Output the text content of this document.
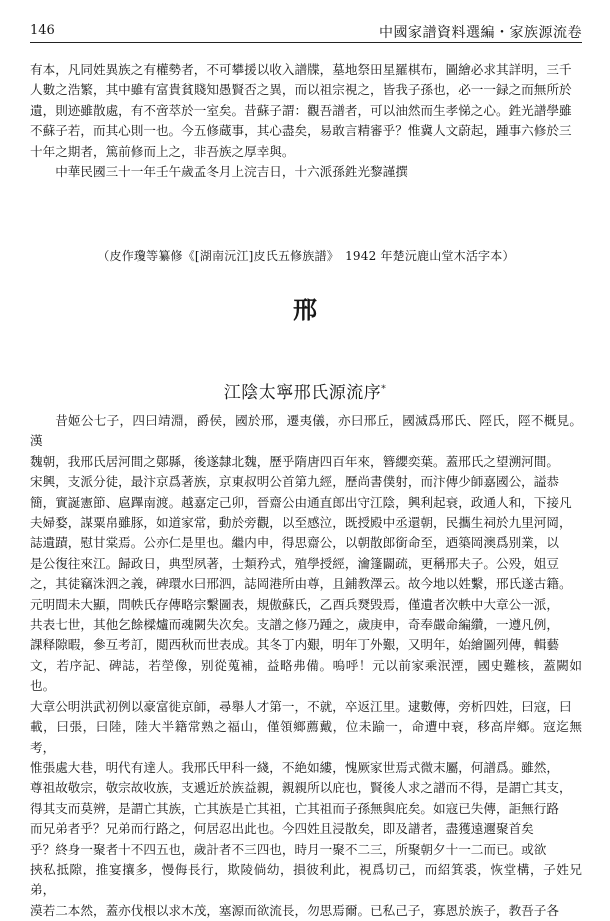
146	中國家譜資料選編・家族源流卷

有本，凡同姓異族之有權勢者，不可攀援以收入譜牒，墓地祭田星羅棋布，圖繪必求其詳明，三千
人數之浩繁，其中雖有富貴貧賤知愚賢否之異，而以祖宗視之，皆我子孫也，必一一録之而無所於
遺，則迹雖散處，有不啻萃於一室矣。昔蘇子謂：觀吾譜者，可以油然而生孝悌之心。鉎光譜學雖
不蘇子若，而其心則一也。今五修蔵事，其心盡矣，易敢言精審乎？惟冀人文蔚起，踵事六修於三
十年之期者，篤前修而上之，非吾族之厚幸與。

中華民國三十一年壬午歲孟冬月上浣吉日，十六派孫鉎光黎謹撰

（皮作瓊等纂修《[湖南沅江]皮氏五修族譜》　1942 年楚沅鹿山堂木活字本）
邢
江陰太寧邢氏源流序*

昔姬公七子，四曰靖淵，爵侯，國於邢，遷夷儀，亦曰邢丘，國滅爲邢氏、陘氏，陘不概見。漢
魏朝，我邢氏居河間之鄚縣，後遂隸北魏，歷乎隋唐四百年來，簪纓奕葉。蓋邢氏之望溯河間。
宋興，支派分徒，最汴京爲著族，京東叔明公首第九經，歷尚書僕射，而汴傳少師嘉國公，謚恭
簡，實誕憲節、扈蹕南渡。越嘉定己卯，晉齋公由通直郎出守江陰，興利起衰，政通人和，下接凡
夫婦婺，謀粟帛雖豚，如道家常，動於旁觀，以至感泣，既授殿中丞還朝，民攜生祠於九里河岡，
誌遺蹟，慰甘棠焉。公亦仁是里也。繼内申，得思齋公，以朝散郎銜命至，迺築岡澳爲别業，以
是公復往來江。歸政日，典型夙著，士類矜式，殖學授經，瀹篷闢疏，更稱邢夫子。公殁，姐豆
之，其徒竊洙泗之義，碑環水曰邢泗，誌岡港所由尊，且鋪教澤云。故今地以姓繫，邢氏遂古籍。
元明間未大顯，問帙氏存傳略宗繫圖表，規傲蘇氏，乙酉兵燹毁焉，僅遺者次軼中大章公一派，
共表七世，其他乞餘樑爐而魂闕失次矣。支譜之修乃踵之，歲庚申，奇奉嚴命編纘，一遵凡例，
課释隙暇，參互考訂，閲西秋而世表成。其冬丁内艱，明年丁外艱，又明年，始繪圖列傳，輯藝
文，若序記、碑誌，若塋像，别從蒐補，益略弗備。嗚呼！元以前家乘泯湮，國史難核，蓋闕如也。
大章公明洪武初例以豪富徙京師，尋舉人才第一，不就，卒返江里。逮數傳，旁析四姓，曰寇，曰
載，曰張，曰陸，陸大半籍常熟之福山，僅領鄉薦戴，位未踰一，命遭中衰，移高岸鄉。寇迄無考，
惟張處大巷，明代有達人。我邢氏甲科一綫，不絶如縷，愧厥家世焉式微末屬，何譜爲。雖然，
尊祖故敬宗，敬宗故收族，支遞近於族益親，親親所以庇也，賢後人求之譜而不得，是謂亡其支，
得其支而莫辨，是謂亡其族，亡其族是亡其祖，亡其祖而子孫無與庇矣。如寇已失傳，詎無行路
而兄弟者乎？兄弟而行路之，何居忍出此也。今四姓且浸散矣，即及譜者，盡獲遠邇聚首矣
乎？終身一聚者十不四五也，歲計者不三四也，時月一聚不二三，所聚朝夕十一二而已。或欲
挾私抵隙，推宴攘多，慢侮長行，欺陵倘幼，損彼利此，視爲切己，而紹箕裘，恢堂構，子姓兄弟，
漠若二本然，蓋亦伐根以求木茂，塞源而欲流長，勿思焉爾。已私己子，寡恩於族子，教吾子各
